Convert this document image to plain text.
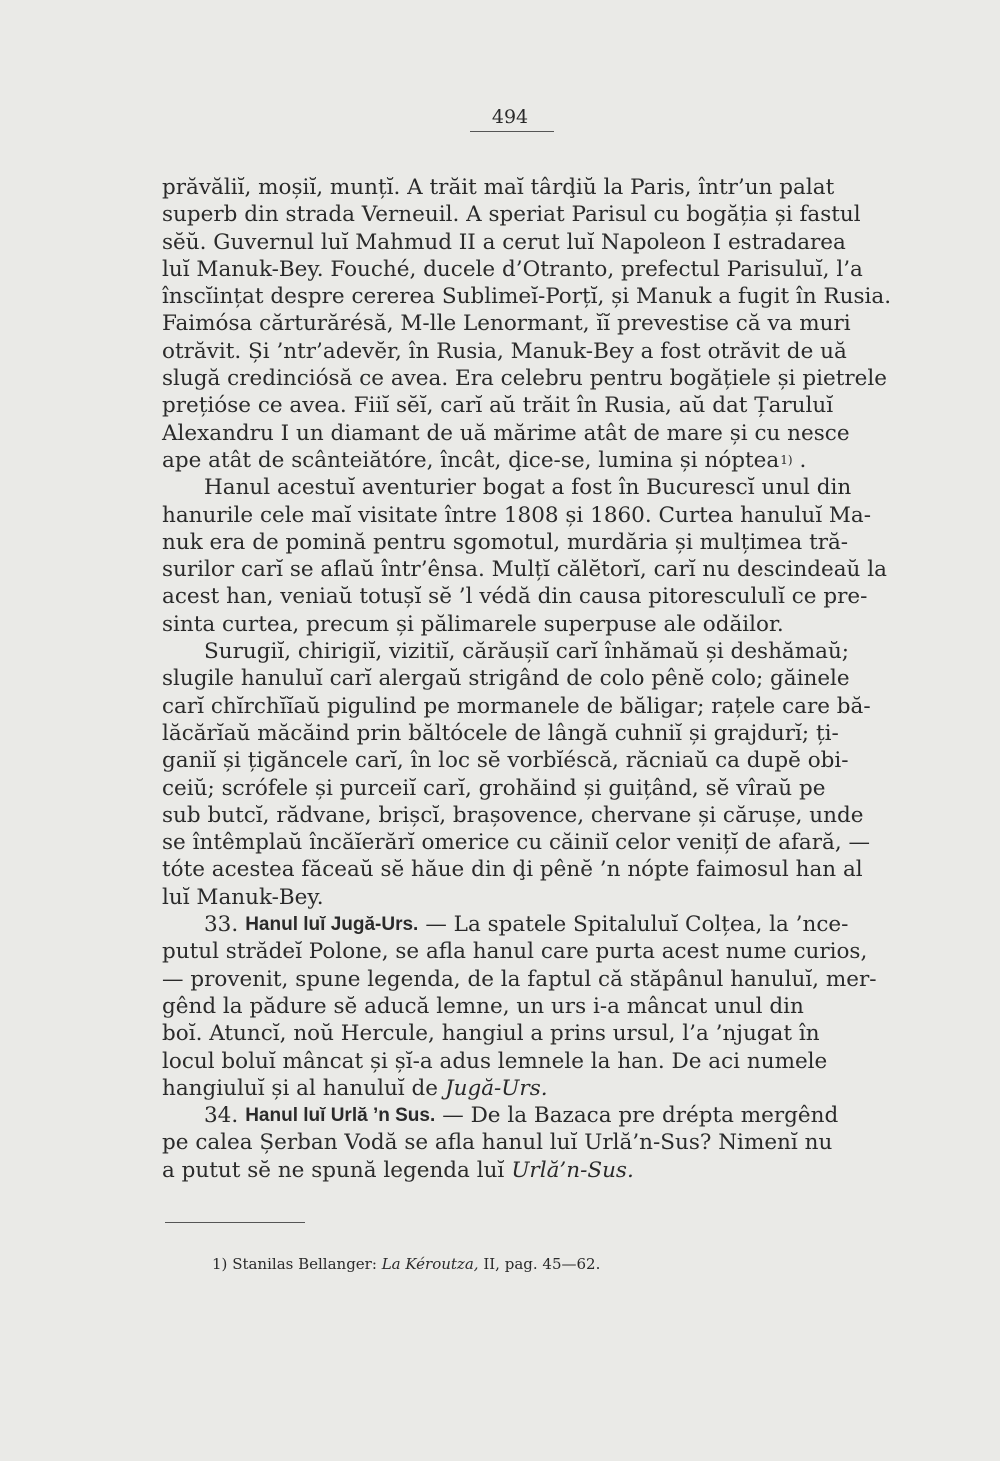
494
prăvăliĭ, moșiĭ, munțĭ. A trăit maĭ târḑiŭ la Paris, într’un palat
superb din strada Verneuil. A speriat Parisul cu bogăția și fastul
sĕŭ. Guvernul luĭ Mahmud II a cerut luĭ Napoleon I estradarea
luĭ Manuk-Bey. Fouché, ducele d’Otranto, prefectul Parisuluĭ, l’a
înscĭințat despre cererea Sublimeĭ-Porțĭ, și Manuk a fugit în Rusia.
Faimósa cărturărésă, M-lle Lenormant, ĭĭ prevestise că va muri
otrăvit. Și ’ntr’adevĕr, în Rusia, Manuk-Bey a fost otrăvit de uă
slugă credinciósă ce avea. Era celebru pentru bogățiele și pietrele
prețióse ce avea. Fiiĭ sĕĭ, carĭ aŭ trăit în Rusia, aŭ dat Țaruluĭ
Alexandru I un diamant de uă mărime atât de mare și cu nesce
ape atât de scânteiătóre, încât, ḑice-se, lumina și nóptea 1) .
Hanul acestuĭ aventurier bogat a fost în Bucurescĭ unul din
hanurile cele maĭ visitate între 1808 și 1860. Curtea hanuluĭ Ma-
nuk era de pomină pentru sgomotul, murdăria și mulțimea tră-
surilor carĭ se aflaŭ într’ênsa. Mulțĭ călĕtorĭ, carĭ nu descindeaŭ la
acest han, veniaŭ totușĭ sĕ ’l védă din causa pitorescululĭ ce pre-
sinta curtea, precum și pălimarele superpuse ale odăilor.
Surugiĭ, chirigiĭ, vizitiĭ, cărăușiĭ carĭ înhămaŭ și deshămaŭ;
slugile hanuluĭ carĭ alergaŭ strigând de colo pênĕ colo; găinele
carĭ chĭrchĭĭaŭ pigulind pe mormanele de băligar; rațele care bă-
lăcărĭaŭ măcăind prin băltócele de lângă cuhniĭ și grajdurĭ; ți-
ganiĭ și țigăncele carĭ, în loc sĕ vorbĭéscă, răcniaŭ ca dupĕ obi-
ceiŭ; scrófele și purceiĭ carĭ, grohăind și guițând, sĕ vîraŭ pe
sub butcĭ, rădvane, brișcĭ, brașovence, chervane și cărușe, unde
se întêmplaŭ încăĭerărĭ omerice cu căiniĭ celor venițĭ de afară, —
tóte acestea făceaŭ sĕ hăue din ḑi pênĕ ’n nópte faimosul han al
luĭ Manuk-Bey.
33. Hanul luĭ Jugă-Urs. — La spatele Spitaluluĭ Colțea, la ’nce-
putul strădeĭ Polone, se afla hanul care purta acest nume curios,
— provenit, spune legenda, de la faptul că stăpânul hanuluĭ, mer-
gênd la pădure sĕ aducă lemne, un urs i-a mâncat unul din
boĭ. Atuncĭ, noŭ Hercule, hangiul a prins ursul, l’a ’njugat în
locul boluĭ mâncat și șĭ-a adus lemnele la han. De aci numele
hangiuluĭ și al hanuluĭ de Jugă-Urs.
34. Hanul luĭ Urlă ’n Sus. — De la Bazaca pre drépta mergênd
pe calea Șerban Vodă se afla hanul luĭ Urlă’n-Sus? Nimenĭ nu
a putut sĕ ne spună legenda luĭ Urlă’n-Sus.
1) Stanilas Bellanger: La Kéroutza, II, pag. 45—62.
